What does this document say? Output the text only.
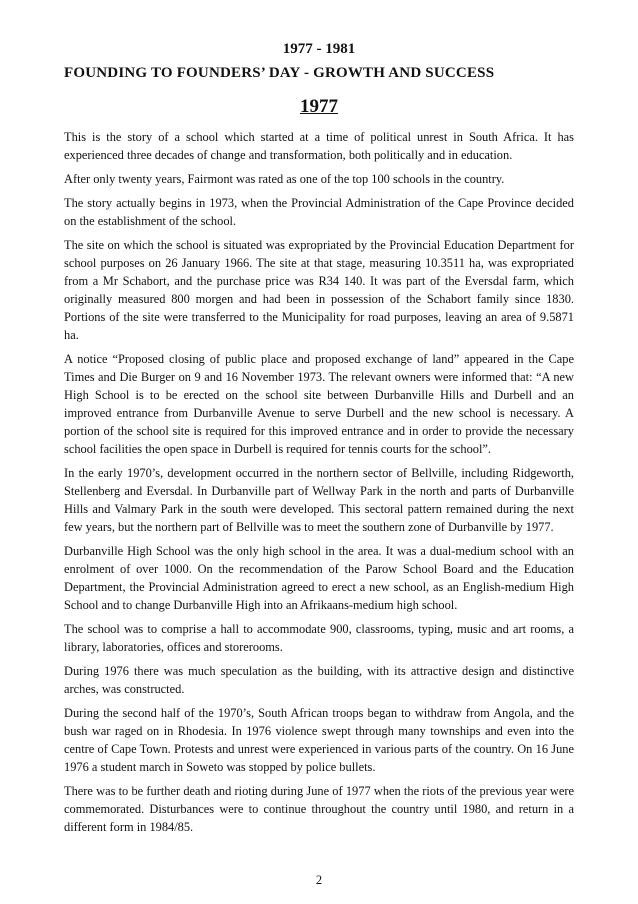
1977 - 1981
FOUNDING TO FOUNDERS’ DAY - GROWTH AND SUCCESS
1977

This is the story of a school which started at a time of political unrest in South Africa. It has experienced three decades of change and transformation, both politically and in education.

After only twenty years, Fairmont was rated as one of the top 100 schools in the country.

The story actually begins in 1973, when the Provincial Administration of the Cape Province decided on the establishment of the school.

The site on which the school is situated was expropriated by the Provincial Education Department for school purposes on 26 January 1966. The site at that stage, measuring 10.3511 ha, was expropriated from a Mr Schabort, and the purchase price was R34 140. It was part of the Eversdal farm, which originally measured 800 morgen and had been in possession of the Schabort family since 1830. Portions of the site were transferred to the Municipality for road purposes, leaving an area of 9.5871 ha.

A notice “Proposed closing of public place and proposed exchange of land” appeared in the Cape Times and Die Burger on 9 and 16 November 1973. The relevant owners were informed that: “A new High School is to be erected on the school site between Durbanville Hills and Durbell and an improved entrance from Durbanville Avenue to serve Durbell and the new school is necessary. A portion of the school site is required for this improved entrance and in order to provide the necessary school facilities the open space in Durbell is required for tennis courts for the school”.

In the early 1970’s, development occurred in the northern sector of Bellville, including Ridgeworth, Stellenberg and Eversdal. In Durbanville part of Wellway Park in the north and parts of Durbanville Hills and Valmary Park in the south were developed. This sectoral pattern remained during the next few years, but the northern part of Bellville was to meet the southern zone of Durbanville by 1977.

Durbanville High School was the only high school in the area. It was a dual-medium school with an enrolment of over 1000. On the recommendation of the Parow School Board and the Education Department, the Provincial Administration agreed to erect a new school, as an English-medium High School and to change Durbanville High into an Afrikaans-medium high school.

The school was to comprise a hall to accommodate 900, classrooms, typing, music and art rooms, a library, laboratories, offices and storerooms.

During 1976 there was much speculation as the building, with its attractive design and distinctive arches, was constructed.

During the second half of the 1970’s, South African troops began to withdraw from Angola, and the bush war raged on in Rhodesia. In 1976 violence swept through many townships and even into the centre of Cape Town. Protests and unrest were experienced in various parts of the country. On 16 June 1976 a student march in Soweto was stopped by police bullets.

There was to be further death and rioting during June of 1977 when the riots of the previous year were commemorated. Disturbances were to continue throughout the country until 1980, and return in a different form in 1984/85.

2
